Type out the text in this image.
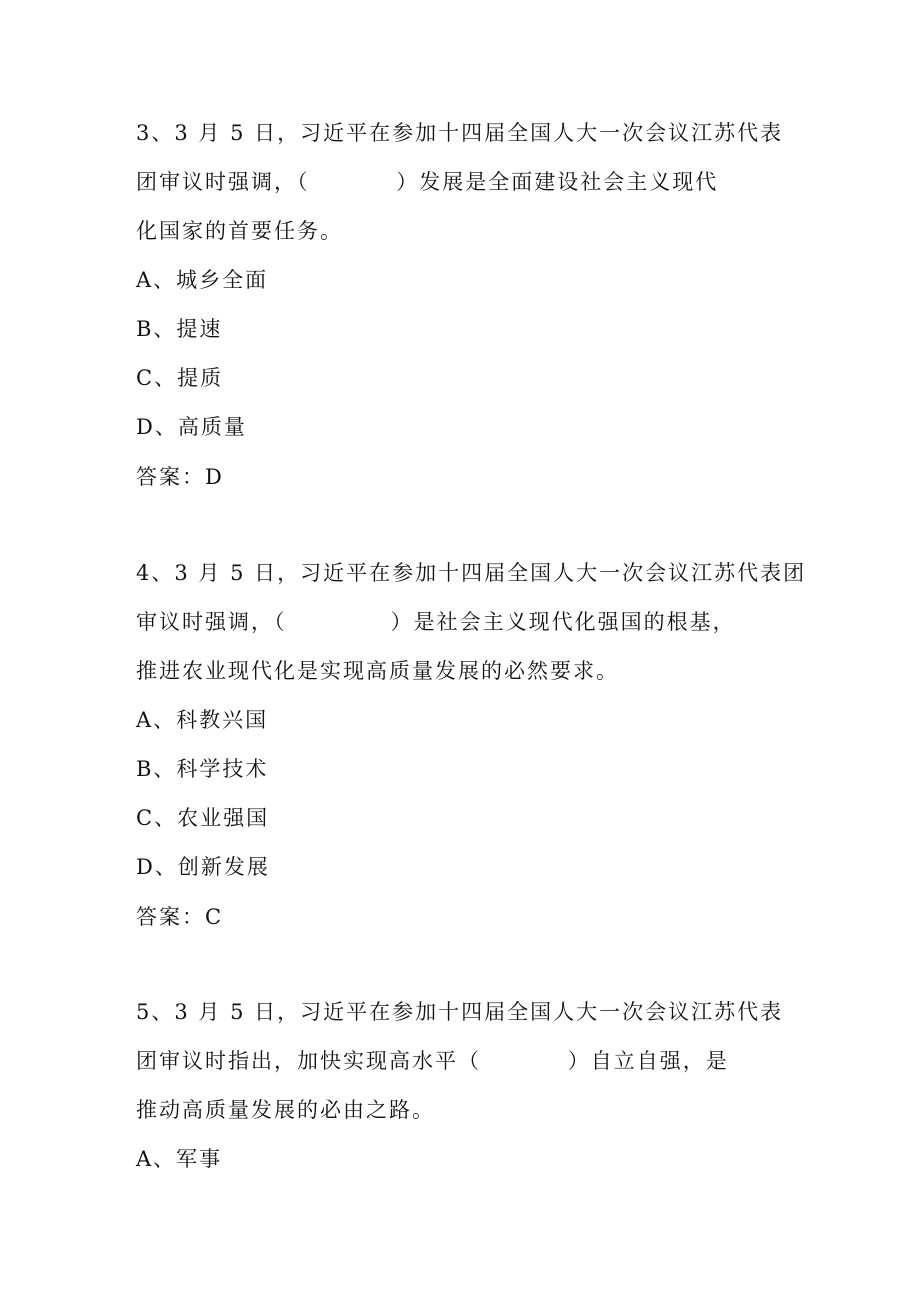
3、3 月 5 日，习近平在参加十四届全国人大一次会议江苏代表
团审议时强调，（          ）发展是全面建设社会主义现代
化国家的首要任务。
A、城乡全面
B、提速
C、提质
D、高质量
答案：D
4、3 月 5 日，习近平在参加十四届全国人大一次会议江苏代表团
审议时强调，（            ）是社会主义现代化强国的根基，
推进农业现代化是实现高质量发展的必然要求。
A、科教兴国
B、科学技术
C、农业强国
D、创新发展
答案：C
5、3 月 5 日，习近平在参加十四届全国人大一次会议江苏代表
团审议时指出，加快实现高水平（          ）自立自强，是
推动高质量发展的必由之路。
A、军事
